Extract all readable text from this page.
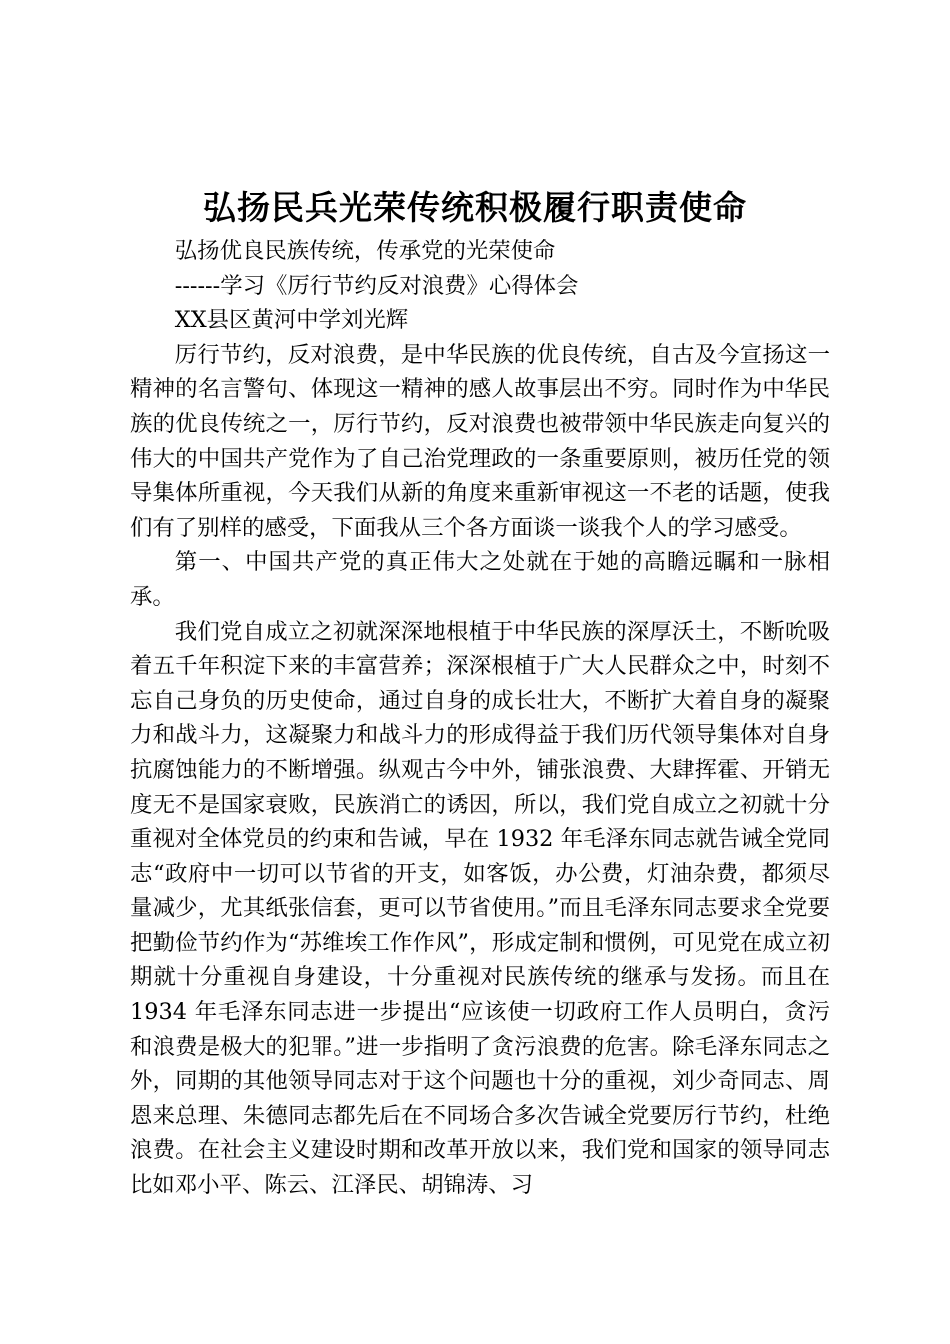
弘扬民兵光荣传统积极履行职责使命

弘扬优良民族传统，传承党的光荣使命

------学习《厉行节约反对浪费》心得体会

XX县区黄河中学刘光辉

厉行节约，反对浪费，是中华民族的优良传统，自古及今宣扬这一精神的名言警句、体现这一精神的感人故事层出不穷。同时作为中华民族的优良传统之一，厉行节约，反对浪费也被带领中华民族走向复兴的伟大的中国共产党作为了自己治党理政的一条重要原则，被历任党的领导集体所重视，今天我们从新的角度来重新审视这一不老的话题，使我们有了别样的感受，下面我从三个各方面谈一谈我个人的学习感受。

第一、中国共产党的真正伟大之处就在于她的高瞻远瞩和一脉相承。

我们党自成立之初就深深地根植于中华民族的深厚沃土，不断吮吸着五千年积淀下来的丰富营养；深深根植于广大人民群众之中，时刻不忘自己身负的历史使命，通过自身的成长壮大，不断扩大着自身的凝聚力和战斗力，这凝聚力和战斗力的形成得益于我们历代领导集体对自身抗腐蚀能力的不断增强。纵观古今中外，铺张浪费、大肆挥霍、开销无度无不是国家衰败，民族消亡的诱因，所以，我们党自成立之初就十分重视对全体党员的约束和告诫，早在 1932 年毛泽东同志就告诫全党同志“政府中一切可以节省的开支，如客饭，办公费，灯油杂费，都须尽量减少，尤其纸张信套，更可以节省使用。”而且毛泽东同志要求全党要把勤俭节约作为“苏维埃工作作风”，形成定制和惯例，可见党在成立初期就十分重视自身建设，十分重视对民族传统的继承与发扬。而且在 1934 年毛泽东同志进一步提出“应该使一切政府工作人员明白，贪污和浪费是极大的犯罪。”进一步指明了贪污浪费的危害。除毛泽东同志之外，同期的其他领导同志对于这个问题也十分的重视，刘少奇同志、周恩来总理、朱德同志都先后在不同场合多次告诫全党要厉行节约，杜绝浪费。在社会主义建设时期和改革开放以来，我们党和国家的领导同志比如邓小平、陈云、江泽民、胡锦涛、习
